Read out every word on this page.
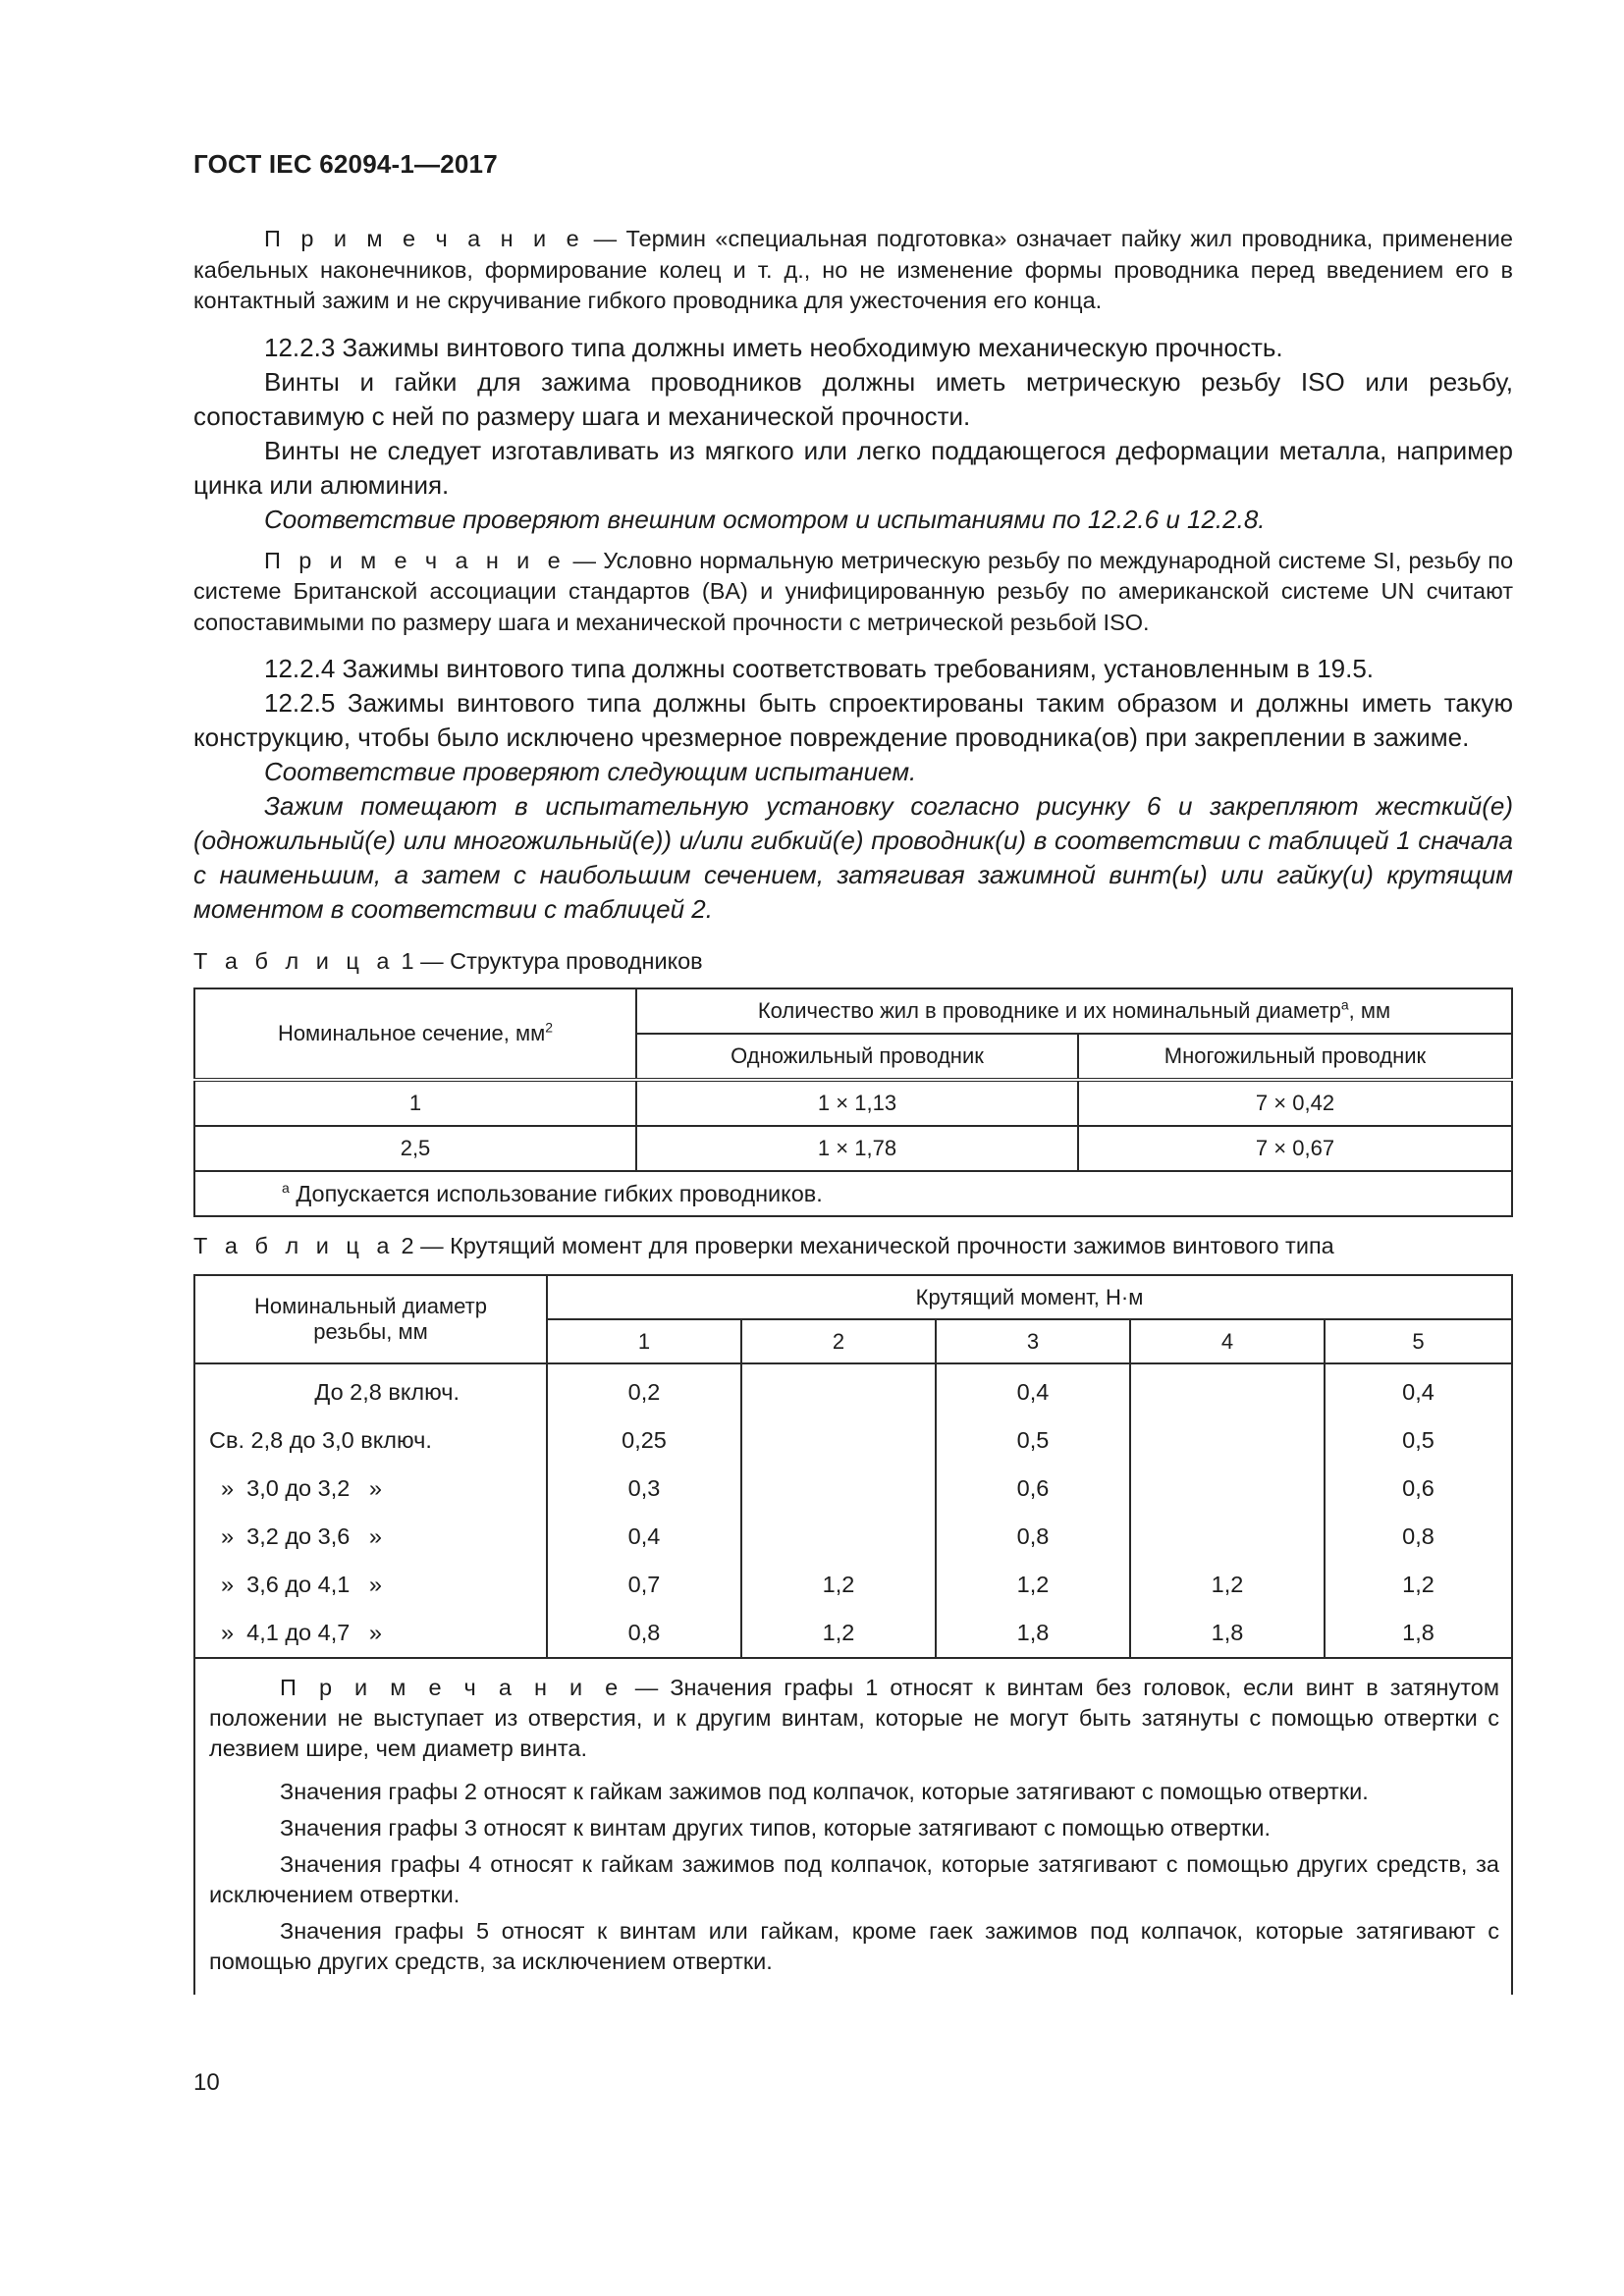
ГОСТ IEC 62094-1—2017

П р и м е ч а н и е — Термин «специальная подготовка» означает пайку жил проводника, применение кабельных наконечников, формирование колец и т. д., но не изменение формы проводника перед введением его в контактный зажим и не скручивание гибкого проводника для ужесточения его конца.

12.2.3 Зажимы винтового типа должны иметь необходимую механическую прочность.

Винты и гайки для зажима проводников должны иметь метрическую резьбу ISO или резьбу, сопоставимую с ней по размеру шага и механической прочности.

Винты не следует изготавливать из мягкого или легко поддающегося деформации металла, например цинка или алюминия.

Соответствие проверяют внешним осмотром и испытаниями по 12.2.6 и 12.2.8.

П р и м е ч а н и е — Условно нормальную метрическую резьбу по международной системе SI, резьбу по системе Британской ассоциации стандартов (BA) и унифицированную резьбу по американской системе UN считают сопоставимыми по размеру шага и механической прочности с метрической резьбой ISO.

12.2.4 Зажимы винтового типа должны соответствовать требованиям, установленным в 19.5.

12.2.5 Зажимы винтового типа должны быть спроектированы таким образом и должны иметь такую конструкцию, чтобы было исключено чрезмерное повреждение проводника(ов) при закреплении в зажиме.

Соответствие проверяют следующим испытанием.

Зажим помещают в испытательную установку согласно рисунку 6 и закрепляют жесткий(е) (одножильный(е) или многожильный(е)) и/или гибкий(е) проводник(и) в соответствии с таблицей 1 сначала с наименьшим, а затем с наибольшим сечением, затягивая зажимной винт(ы) или гайку(и) крутящим моментом в соответствии с таблицей 2.

Т а б л и ц а 1 — Структура проводников

Номинальное сечение, $мм^2$	Количество жил в проводнике и их номинальный диаметр$^a$, мм	
	Одножильный проводник	Многожильный проводник
1	1 × 1,13	7 × 0,42
2,5	1 × 1,78	7 × 0,67
$^a$ Допускается использование гибких проводников.		

Т а б л и ц а 2 — Крутящий момент для проверки механической прочности зажимов винтового типа

Номинальный диаметр резьбы, мм	Крутящий момент, Н·м				
	1	2	3	4	5
До 2,8 включ.	0,2		0,4		0,4
Св. 2,8 до 3,0 включ.	0,25		0,5		0,5
»  3,0 до 3,2   »	0,3		0,6		0,6
»  3,2 до 3,6   »	0,4		0,8		0,8
»  3,6 до 4,1   »	0,7	1,2	1,2	1,2	1,2
»  4,1 до 4,7   »	0,8	1,2	1,8	1,8	1,8

П р и м е ч а н и е — Значения графы 1 относят к винтам без головок, если винт в затянутом положении не выступает из отверстия, и к другим винтам, которые не могут быть затянуты с помощью отвертки с лезвием шире, чем диаметр винта.

Значения графы 2 относят к гайкам зажимов под колпачок, которые затягивают с помощью отвертки.

Значения графы 3 относят к винтам других типов, которые затягивают с помощью отвертки.

Значения графы 4 относят к гайкам зажимов под колпачок, которые затягивают с помощью других средств, за исключением отвертки.

Значения графы 5 относят к винтам или гайкам, кроме гаек зажимов под колпачок, которые затягивают с помощью других средств, за исключением отвертки.					

10
